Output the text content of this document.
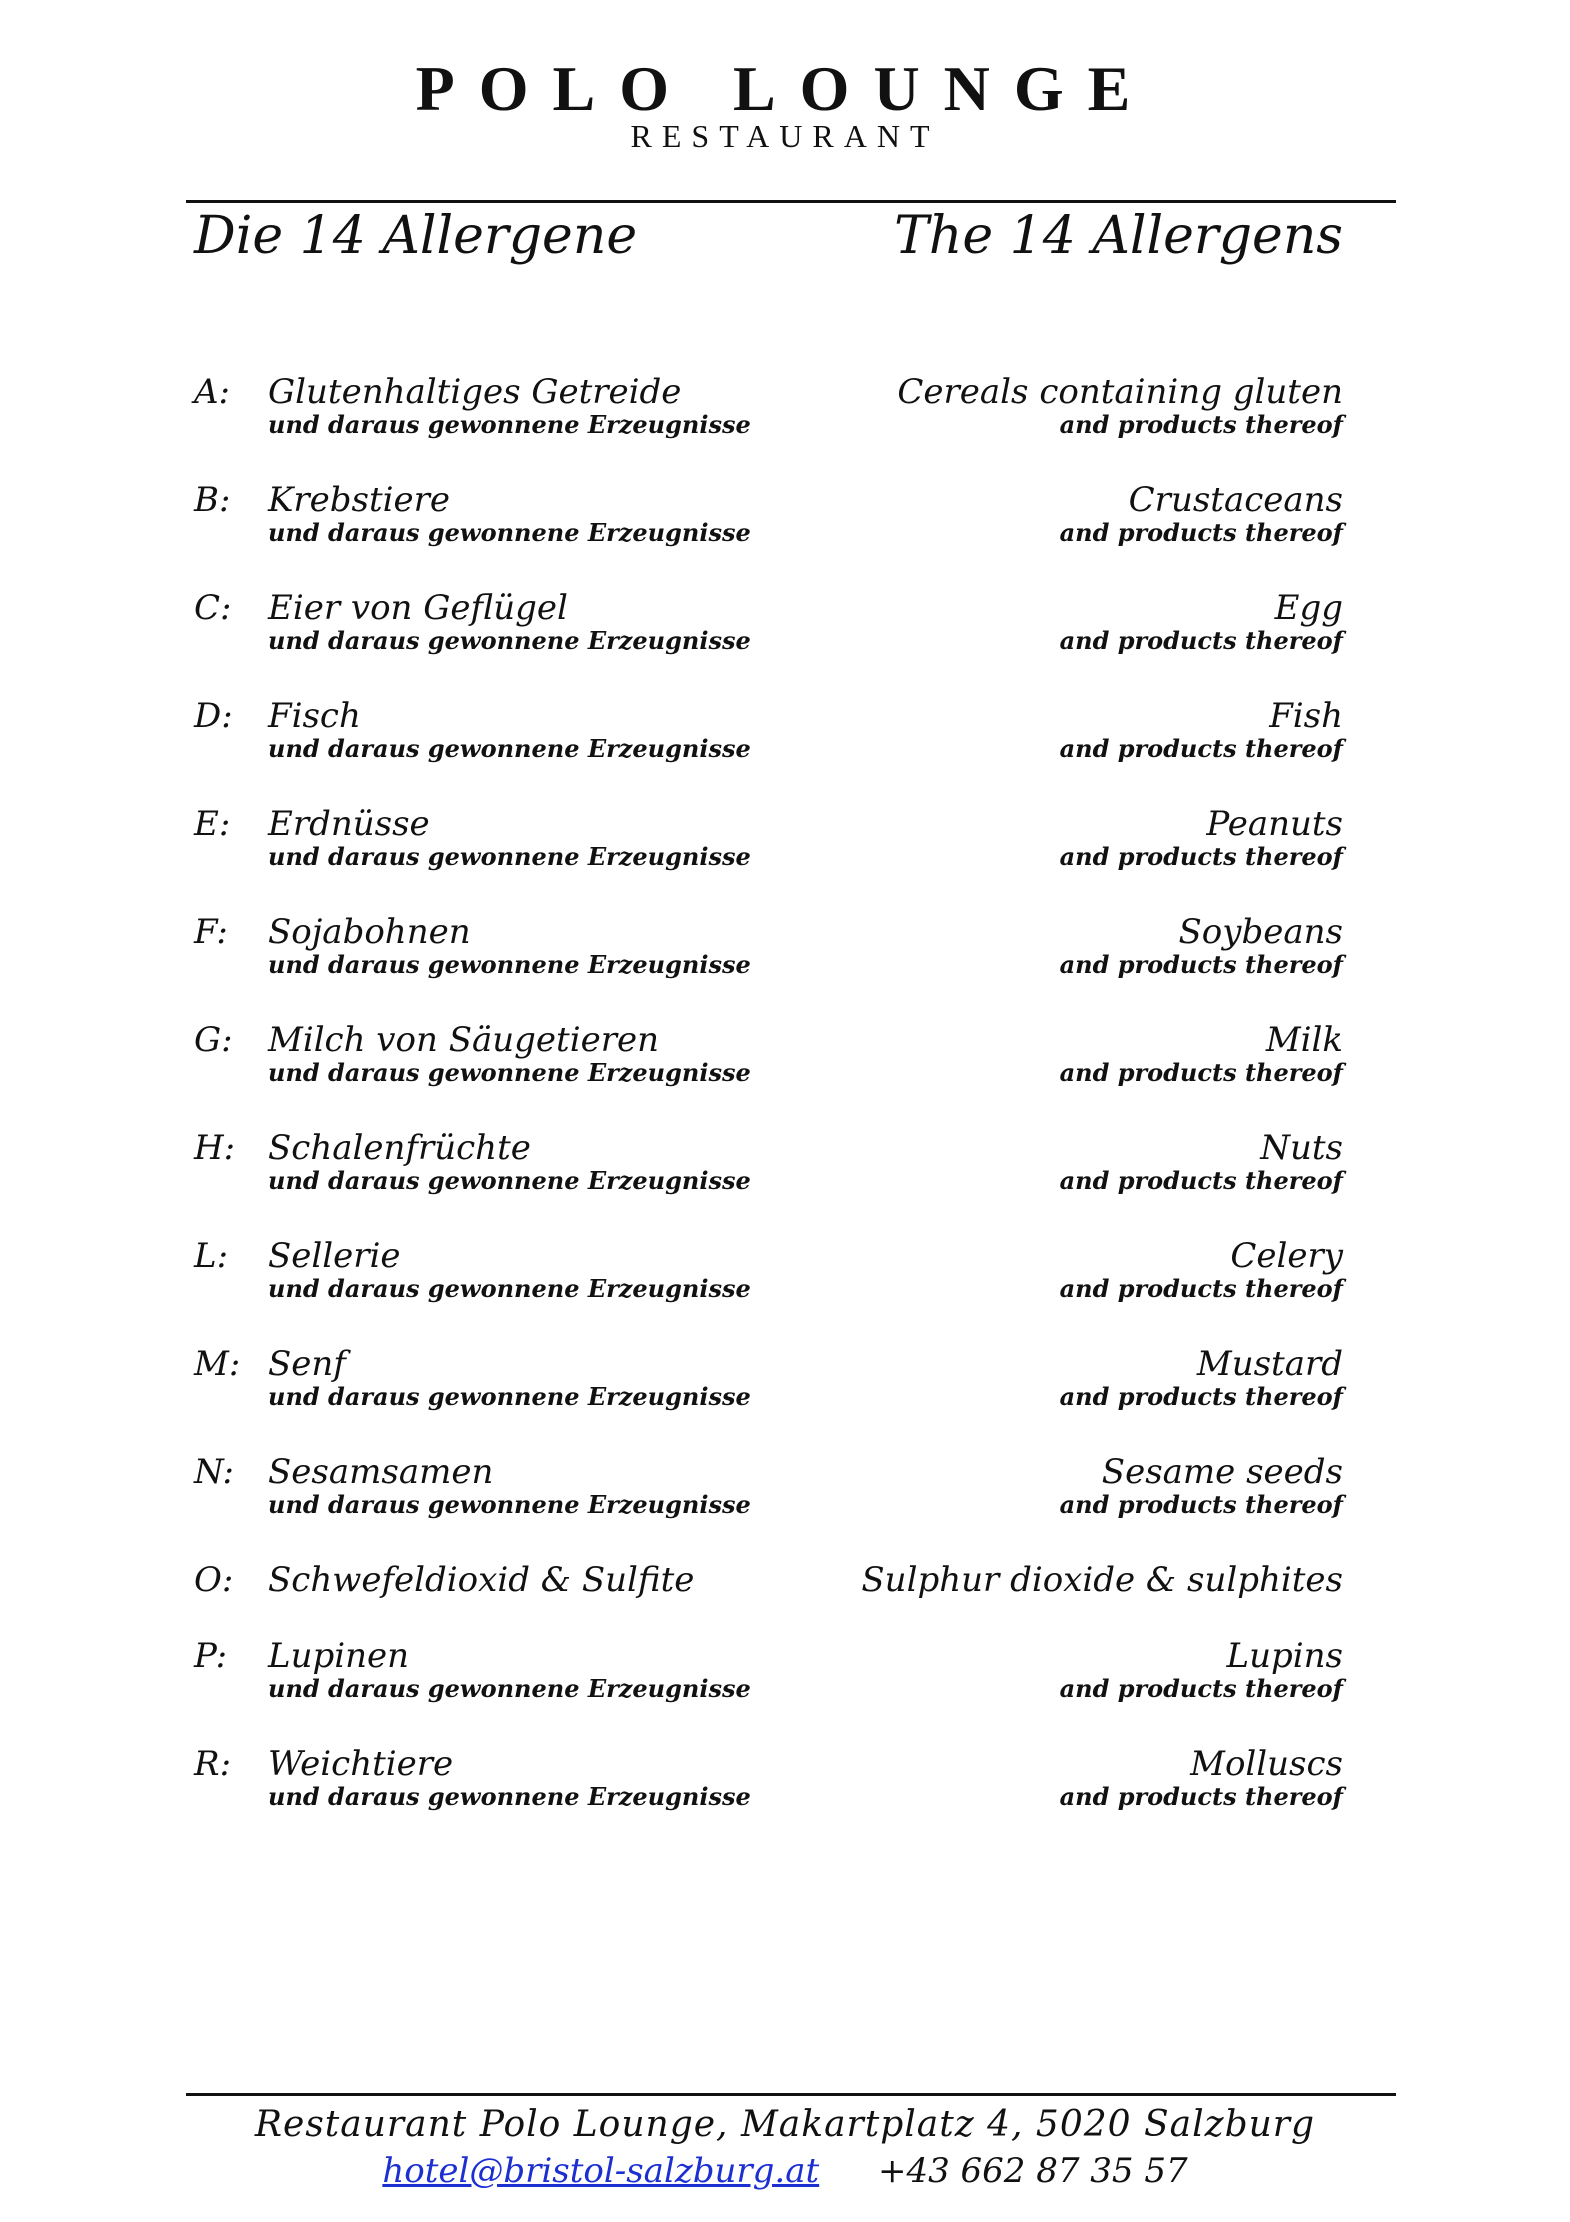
POLO LOUNGE
RESTAURANT
Die 14 Allergene	The 14 Allergens
A: Glutenhaltiges Getreide
und daraus gewonnene Erzeugnisse
Cereals containing gluten
and products thereof
B: Krebstiere
und daraus gewonnene Erzeugnisse
Crustaceans
and products thereof
C: Eier von Geflügel
und daraus gewonnene Erzeugnisse
Egg
and products thereof
D: Fisch
und daraus gewonnene Erzeugnisse
Fish
and products thereof
E: Erdnüsse
und daraus gewonnene Erzeugnisse
Peanuts
and products thereof
F: Sojabohnen
und daraus gewonnene Erzeugnisse
Soybeans
and products thereof
G: Milch von Säugetieren
und daraus gewonnene Erzeugnisse
Milk
and products thereof
H: Schalenfrüchte
und daraus gewonnene Erzeugnisse
Nuts
and products thereof
L: Sellerie
und daraus gewonnene Erzeugnisse
Celery
and products thereof
M: Senf
und daraus gewonnene Erzeugnisse
Mustard
and products thereof
N: Sesamsamen
und daraus gewonnene Erzeugnisse
Sesame seeds
and products thereof
O: Schwefeldioxid & Sulfite	Sulphur dioxide & sulphites
P: Lupinen
und daraus gewonnene Erzeugnisse
Lupins
and products thereof
R: Weichtiere
und daraus gewonnene Erzeugnisse
Molluscs
and products thereof
Restaurant Polo Lounge, Makartplatz 4, 5020 Salzburg
hotel@bristol-salzburg.at +43 662 87 35 57
